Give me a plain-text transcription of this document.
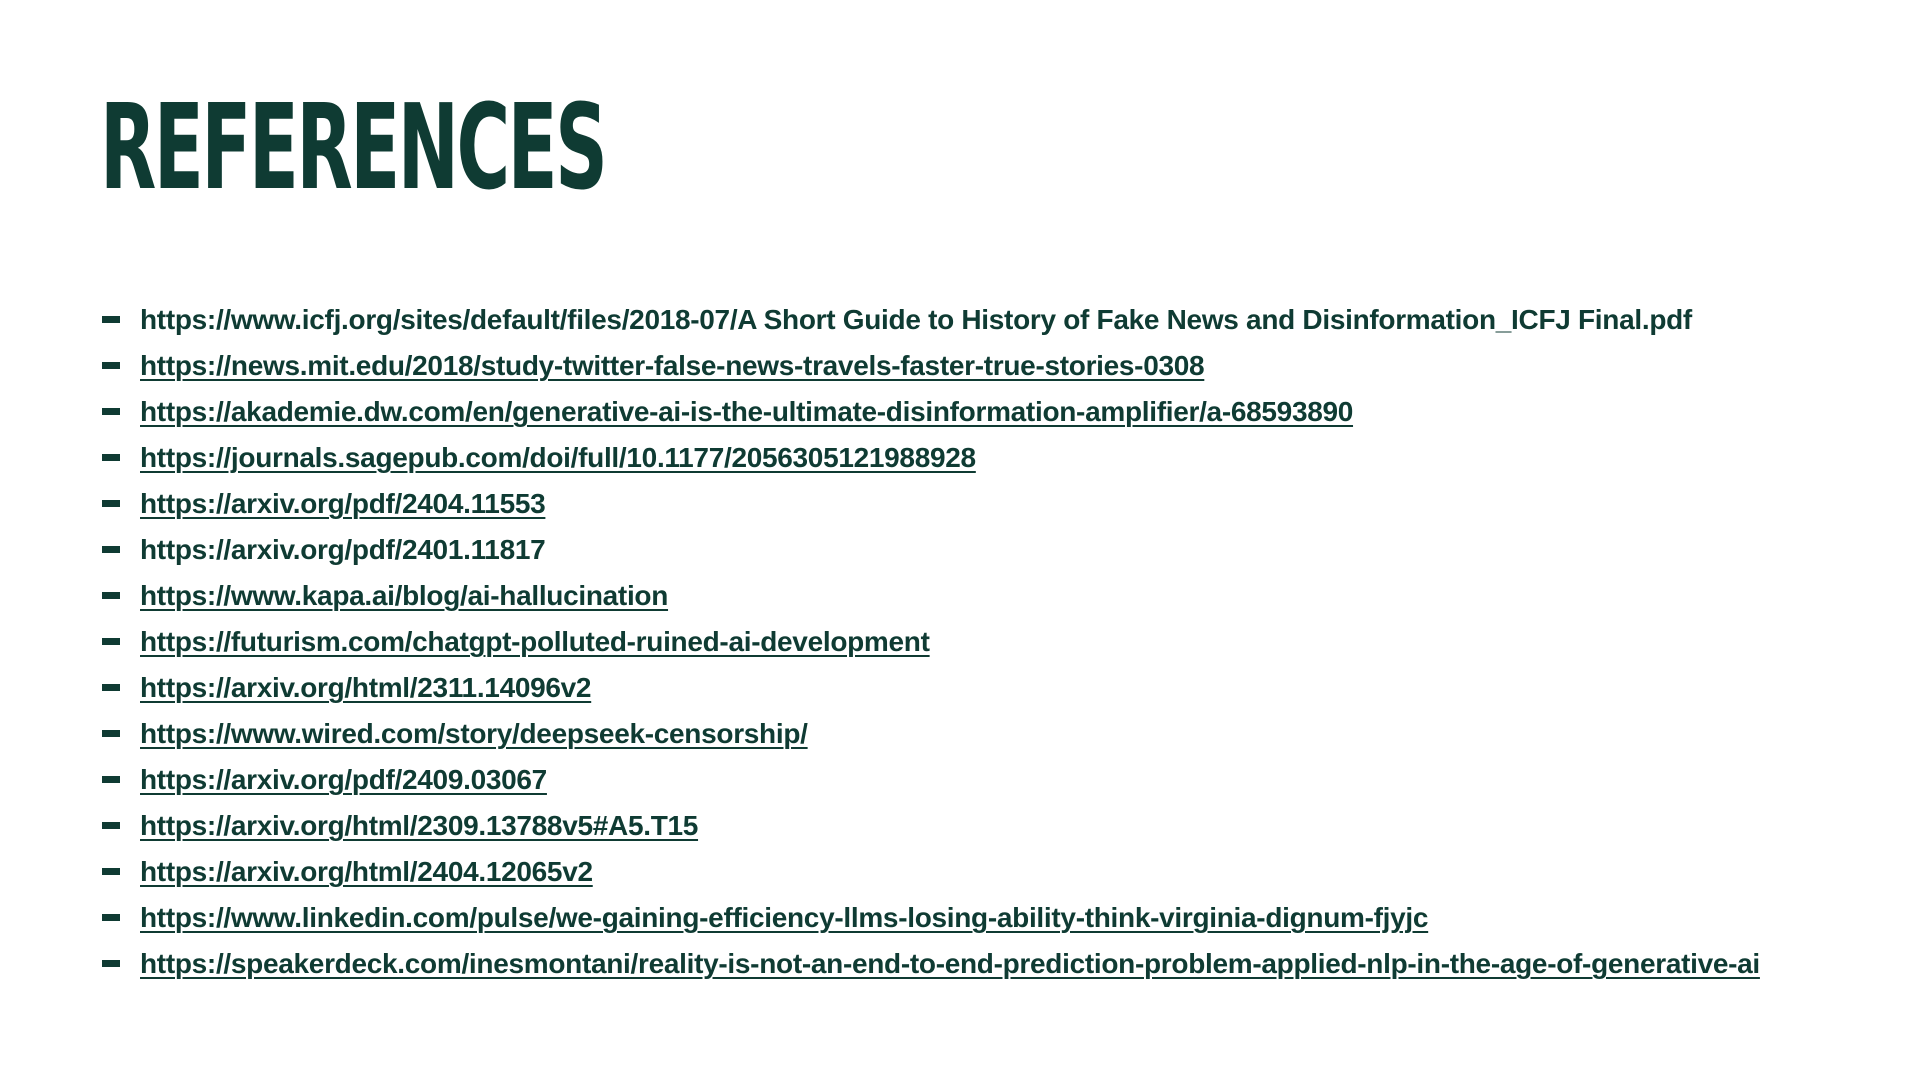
REFERENCES
https://www.icfj.org/sites/default/files/2018-07/A Short Guide to History of Fake News and Disinformation_ICFJ Final.pdf
https://news.mit.edu/2018/study-twitter-false-news-travels-faster-true-stories-0308
https://akademie.dw.com/en/generative-ai-is-the-ultimate-disinformation-amplifier/a-68593890
https://journals.sagepub.com/doi/full/10.1177/2056305121988928
https://arxiv.org/pdf/2404.11553
https://arxiv.org/pdf/2401.11817
https://www.kapa.ai/blog/ai-hallucination
https://futurism.com/chatgpt-polluted-ruined-ai-development
https://arxiv.org/html/2311.14096v2
https://www.wired.com/story/deepseek-censorship/
https://arxiv.org/pdf/2409.03067
https://arxiv.org/html/2309.13788v5#A5.T15
https://arxiv.org/html/2404.12065v2
https://www.linkedin.com/pulse/we-gaining-efficiency-llms-losing-ability-think-virginia-dignum-fjyjc
https://speakerdeck.com/inesmontani/reality-is-not-an-end-to-end-prediction-problem-applied-nlp-in-the-age-of-generative-ai
